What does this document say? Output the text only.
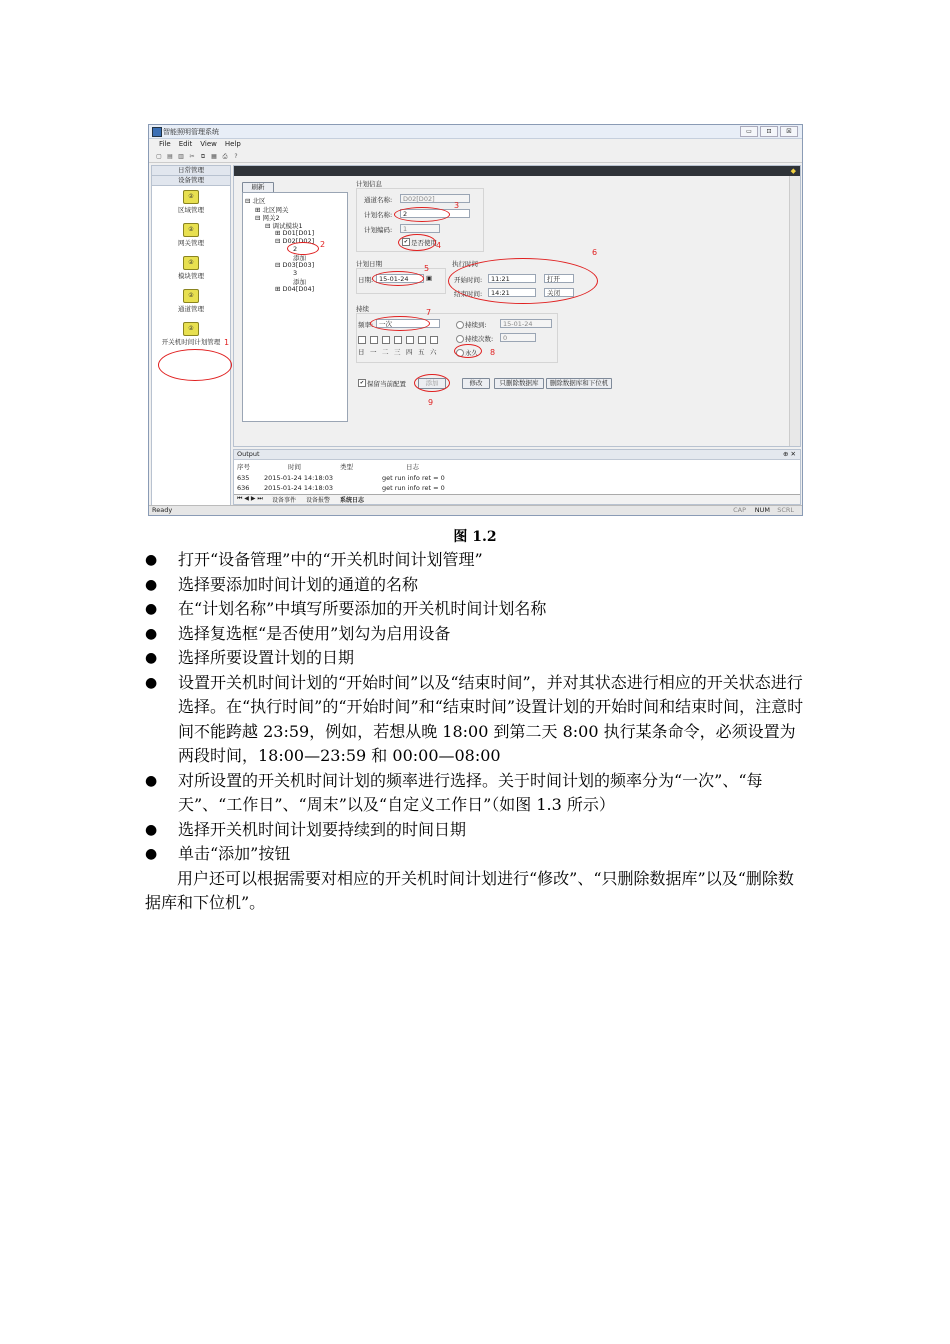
智能照明管理系统	▭	⊡	☒
File Edit View Help
▢ ▤ ▥ ✂	⧉	▦ ⎙	?
日常管理
设备管理
②
区域管理
②
网关管理
②
模块管理
②
通道管理
②
开关机时间计划管理 1
◆
刷新
⊟ 北区
⊞ 北区网关
⊟ 网关2
⊟ 调试模块1
⊞ D01[D01]
⊟ D02[D02]
2
添加
⊟ D03[D03]
3
添加
⊞ D04[D04]
2
计划信息
通道名称:	D02[D02]
计划名称:	2
计划编码:	1
✔ 是否使用
3
4
计划日期
日期: 15-01-24	▣
5	执行时间
开始时间:	11:21	打开
结束时间:	14:21	关闭
6
持续
频率: 一次
7
持续到:	15-01-24
持续次数:	0
永久 8
日 一 二 三 四 五 六
✔ 保留当前配置	添加
9
修改	只删除数据库	删除数据库和下位机
Output	⊕ ✕
序号	时间	类型	日志
635 2015-01-24 14:18:03	get run info ret = 0
636 2015-01-24 14:18:03	get run info ret = 0
⏮ ◀ ▶ ⏭ 设备事件 设备报警 系统日志
Ready	CAP NUM SCRL
图 1.2
● 打开“设备管理”中的“开关机时间计划管理”
● 选择要添加时间计划的通道的名称
● 在“计划名称”中填写所要添加的开关机时间计划名称
● 选择复选框“是否使用”划勾为启用设备
● 选择所要设置计划的日期
● 设置开关机时间计划的“开始时间”以及“结束时间”，并对其状态进行相应的开关状态进行选择。在“执行时间”的“开始时间”和“结束时间”设置计划的开始时间和结束时间，注意时间不能跨越 23:59，例如，若想从晚 18:00 到第二天 8:00 执行某条命令，必须设置为两段时间，18:00—23:59 和 00:00—08:00
● 对所设置的开关机时间计划的频率进行选择。关于时间计划的频率分为“一次”、“每天”、“工作日”、“周末”以及“自定义工作日”（如图 1.3 所示）
● 选择开关机时间计划要持续到的时间日期
● 单击“添加”按钮
用户还可以根据需要对相应的开关机时间计划进行“修改”、“只删除数据库”以及“删除数据库和下位机”。
